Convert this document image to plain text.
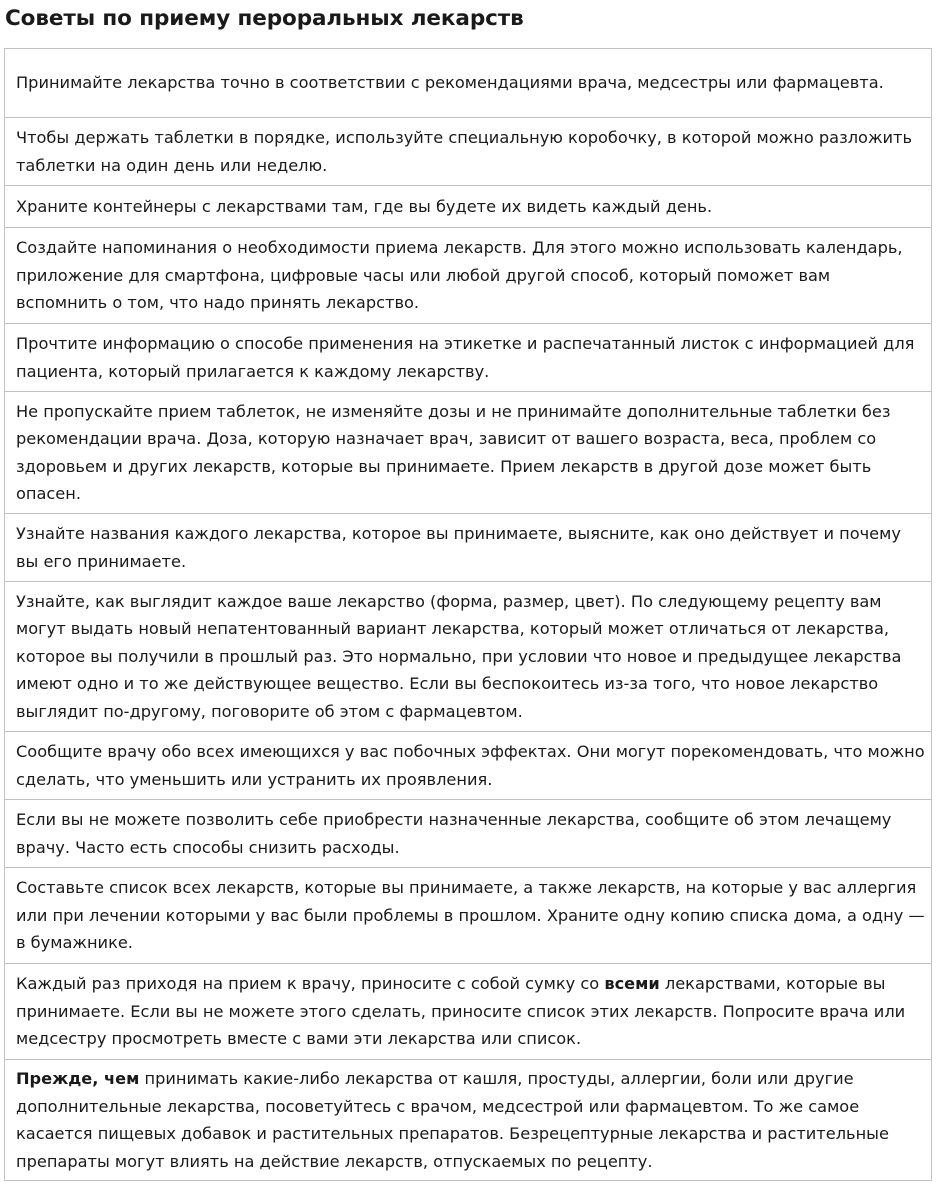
Советы по приему пероральных лекарств
Принимайте лекарства точно в соответствии с рекомендациями врача, медсестры или фармацевта.
Чтобы держать таблетки в порядке, используйте специальную коробочку, в которой можно разложить таблетки на один день или неделю.
Храните контейнеры с лекарствами там, где вы будете их видеть каждый день.
Создайте напоминания о необходимости приема лекарств. Для этого можно использовать календарь, приложение для смартфона, цифровые часы или любой другой способ, который поможет вам вспомнить о том, что надо принять лекарство.
Прочтите информацию о способе применения на этикетке и распечатанный листок с информацией для пациента, который прилагается к каждому лекарству.
Не пропускайте прием таблеток, не изменяйте дозы и не принимайте дополнительные таблетки без рекомендации врача. Доза, которую назначает врач, зависит от вашего возраста, веса, проблем со здоровьем и других лекарств, которые вы принимаете. Прием лекарств в другой дозе может быть опасен.
Узнайте названия каждого лекарства, которое вы принимаете, выясните, как оно действует и почему вы его принимаете.
Узнайте, как выглядит каждое ваше лекарство (форма, размер, цвет). По следующему рецепту вам могут выдать новый непатентованный вариант лекарства, который может отличаться от лекарства, которое вы получили в прошлый раз. Это нормально, при условии что новое и предыдущее лекарства имеют одно и то же действующее вещество. Если вы беспокоитесь из-за того, что новое лекарство выглядит по-другому, поговорите об этом с фармацевтом.
Сообщите врачу обо всех имеющихся у вас побочных эффектах. Они могут порекомендовать, что можно сделать, что уменьшить или устранить их проявления.
Если вы не можете позволить себе приобрести назначенные лекарства, сообщите об этом лечащему врачу. Часто есть способы снизить расходы.
Составьте список всех лекарств, которые вы принимаете, а также лекарств, на которые у вас аллергия или при лечении которыми у вас были проблемы в прошлом. Храните одну копию списка дома, а одну — в бумажнике.
Каждый раз приходя на прием к врачу, приносите с собой сумку со всеми лекарствами, которые вы принимаете. Если вы не можете этого сделать, приносите список этих лекарств. Попросите врача или медсестру просмотреть вместе с вами эти лекарства или список.
Прежде, чем принимать какие-либо лекарства от кашля, простуды, аллергии, боли или другие дополнительные лекарства, посоветуйтесь с врачом, медсестрой или фармацевтом. То же самое касается пищевых добавок и растительных препаратов. Безрецептурные лекарства и растительные препараты могут влиять на действие лекарств, отпускаемых по рецепту.
